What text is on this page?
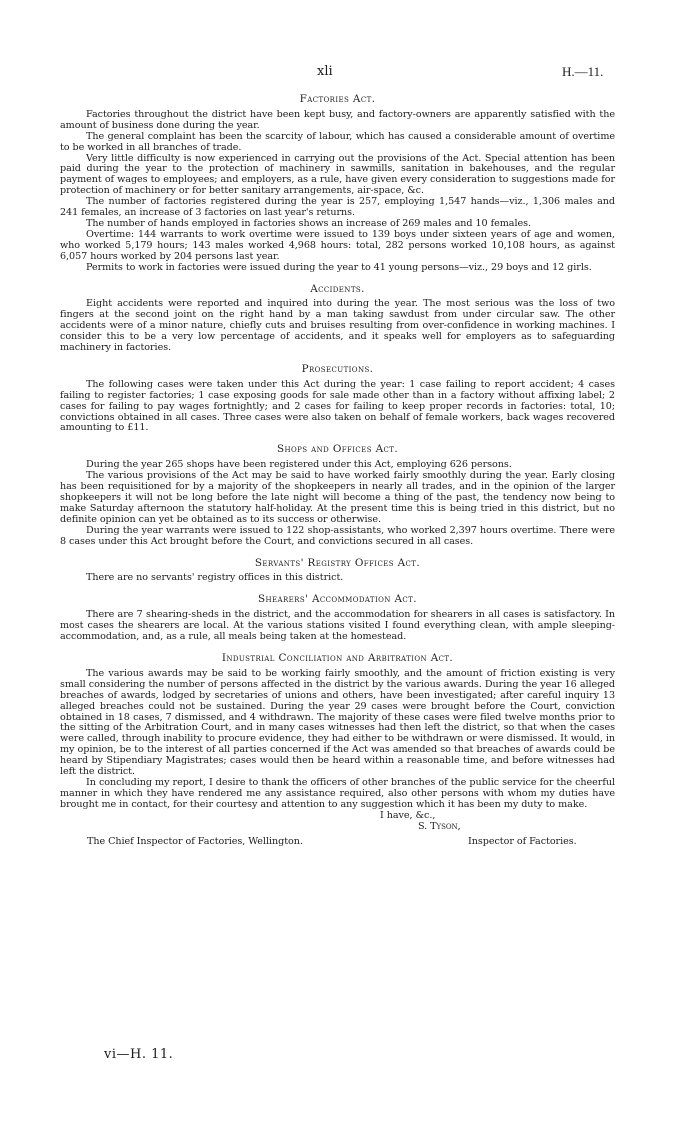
xli	H.—11.
Factories Act.

Factories throughout the district have been kept busy, and factory-owners are apparently satisfied with the amount of business done during the year.

The general complaint has been the scarcity of labour, which has caused a considerable amount of overtime to be worked in all branches of trade.

Very little difficulty is now experienced in carrying out the provisions of the Act. Special attention has been paid during the year to the protection of machinery in sawmills, sanitation in bakehouses, and the regular payment of wages to employees; and employers, as a rule, have given every consideration to suggestions made for protection of machinery or for better sanitary arrangements, air-space, &c.

The number of factories registered during the year is 257, employing 1,547 hands—viz., 1,306 males and 241 females, an increase of 3 factories on last year's returns.

The number of hands employed in factories shows an increase of 269 males and 10 females.

Overtime: 144 warrants to work overtime were issued to 139 boys under sixteen years of age and women, who worked 5,179 hours; 143 males worked 4,968 hours: total, 282 persons worked 10,108 hours, as against 6,057 hours worked by 204 persons last year.

Permits to work in factories were issued during the year to 41 young persons—viz., 29 boys and 12 girls.

Accidents.

Eight accidents were reported and inquired into during the year. The most serious was the loss of two fingers at the second joint on the right hand by a man taking sawdust from under circular saw. The other accidents were of a minor nature, chiefly cuts and bruises resulting from over-confidence in working machines. I consider this to be a very low percentage of accidents, and it speaks well for employers as to safeguarding machinery in factories.

Prosecutions.

The following cases were taken under this Act during the year: 1 case failing to report accident; 4 cases failing to register factories; 1 case exposing goods for sale made other than in a factory without affixing label; 2 cases for failing to pay wages fortnightly; and 2 cases for failing to keep proper records in factories: total, 10; convictions obtained in all cases. Three cases were also taken on behalf of female workers, back wages recovered amounting to £11.

Shops and Offices Act.

During the year 265 shops have been registered under this Act, employing 626 persons.

The various provisions of the Act may be said to have worked fairly smoothly during the year. Early closing has been requisitioned for by a majority of the shopkeepers in nearly all trades, and in the opinion of the larger shopkeepers it will not be long before the late night will become a thing of the past, the tendency now being to make Saturday afternoon the statutory half-holiday. At the present time this is being tried in this district, but no definite opinion can yet be obtained as to its success or otherwise.

During the year warrants were issued to 122 shop-assistants, who worked 2,397 hours overtime. There were 8 cases under this Act brought before the Court, and convictions secured in all cases.

Servants' Registry Offices Act.

There are no servants' registry offices in this district.

Shearers' Accommodation Act.

There are 7 shearing-sheds in the district, and the accommodation for shearers in all cases is satisfactory. In most cases the shearers are local. At the various stations visited I found everything clean, with ample sleeping-accommodation, and, as a rule, all meals being taken at the homestead.

Industrial Conciliation and Arbitration Act.

The various awards may be said to be working fairly smoothly, and the amount of friction existing is very small considering the number of persons affected in the district by the various awards. During the year 16 alleged breaches of awards, lodged by secretaries of unions and others, have been investigated; after careful inquiry 13 alleged breaches could not be sustained. During the year 29 cases were brought before the Court, conviction obtained in 18 cases, 7 dismissed, and 4 withdrawn. The majority of these cases were filed twelve months prior to the sitting of the Arbitration Court, and in many cases witnesses had then left the district, so that when the cases were called, through inability to procure evidence, they had either to be withdrawn or were dismissed. It would, in my opinion, be to the interest of all parties concerned if the Act was amended so that breaches of awards could be heard by Stipendiary Magistrates; cases would then be heard within a reasonable time, and before witnesses had left the district.

In concluding my report, I desire to thank the officers of other branches of the public service for the cheerful manner in which they have rendered me any assistance required, also other persons with whom my duties have brought me in contact, for their courtesy and attention to any suggestion which it has been my duty to make.

I have, &c.,
S. Tyson,
The Chief Inspector of Factories, Wellington.	Inspector of Factories.
vi—H. 11.
